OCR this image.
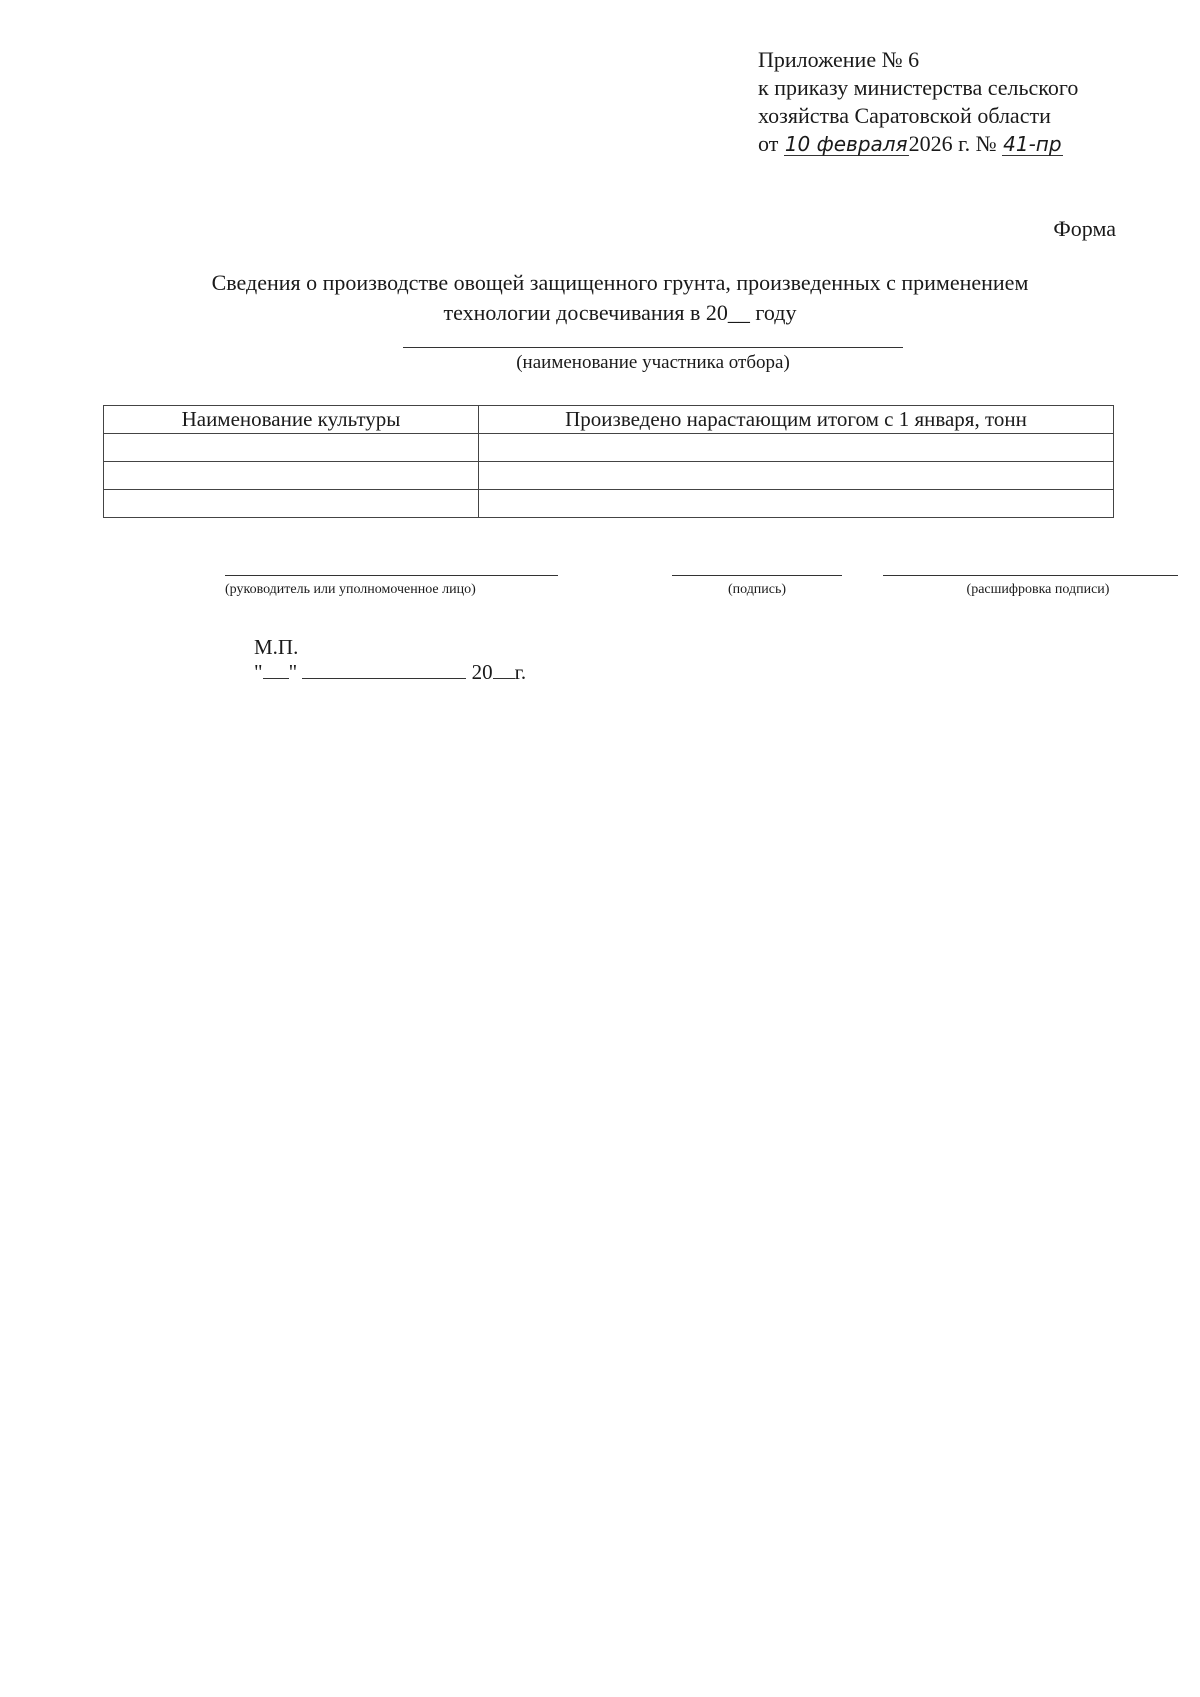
Приложение № 6
к приказу министерства сельского
хозяйства Саратовской области
от 10 февраля2026 г. № 41-пр
Форма
Сведения о производстве овощей защищенного грунта, произведенных с применением
технологии досвечивания в 20__ году
(наименование участника отбора)
Наименование культуры	Произведено нарастающим итогом с 1 января, тонн

(руководитель или уполномоченное лицо)	(подпись)	(расшифровка подписи)
М.П.
" "	20 г.
